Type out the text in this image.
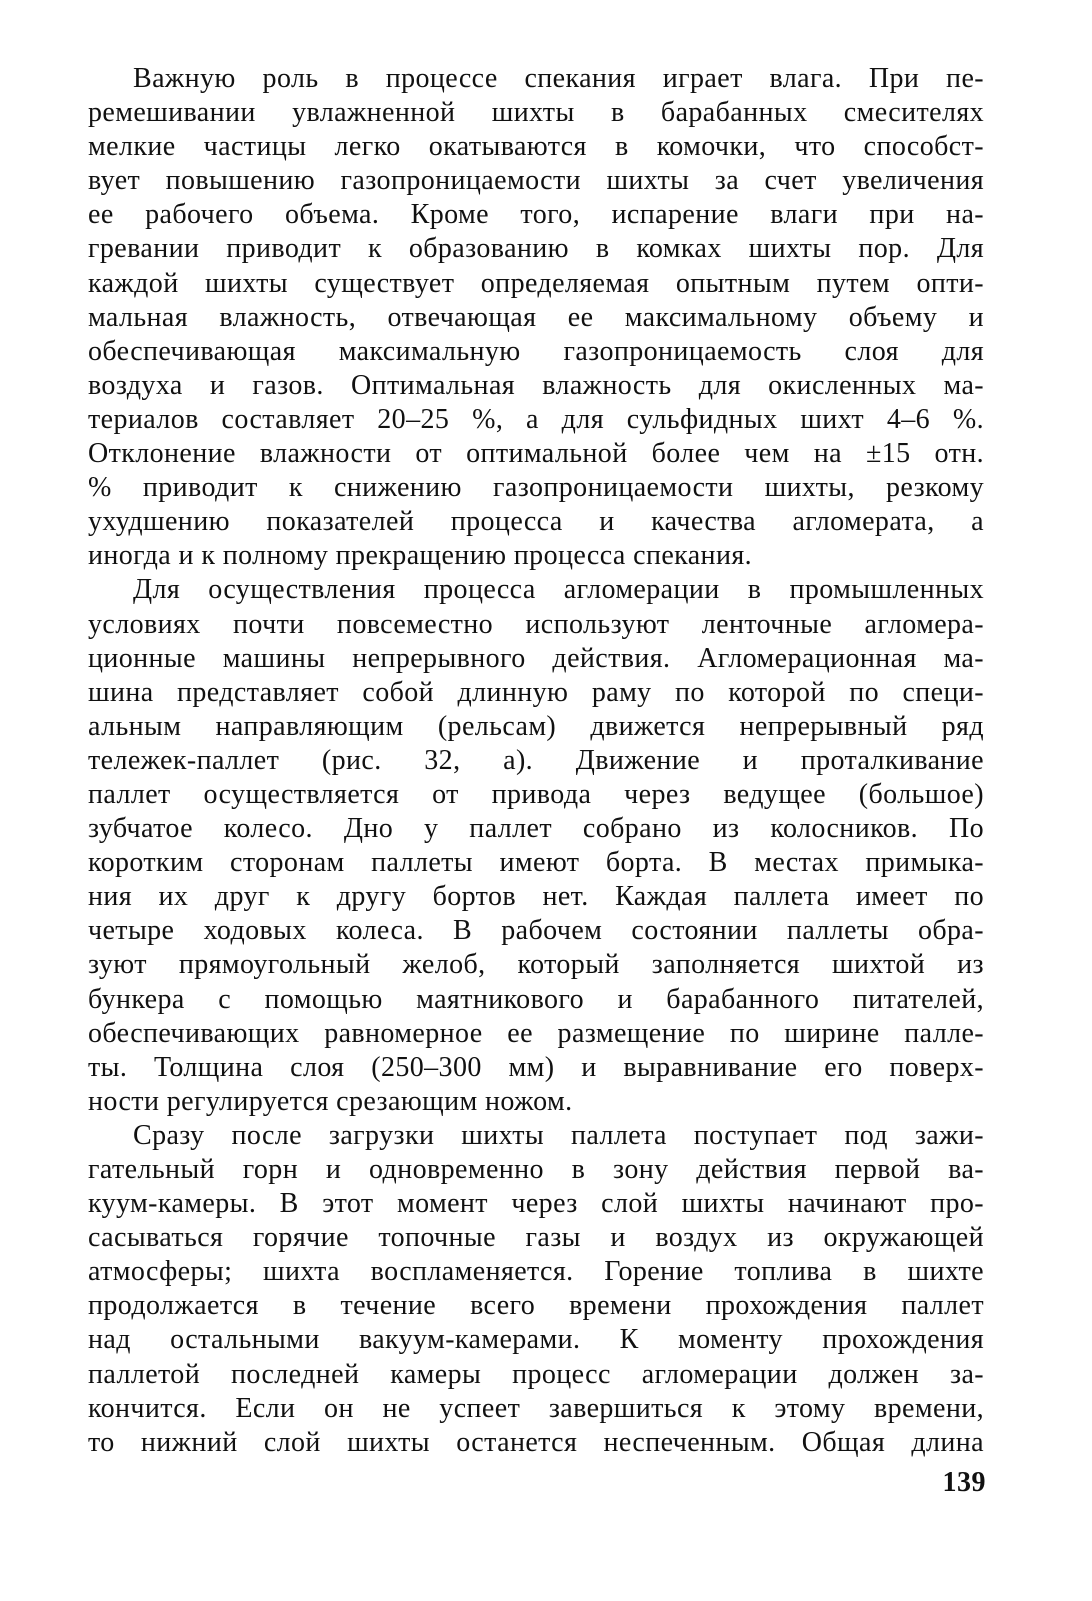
Важную роль в процессе спекания играет влага. При пе-
ремешивании увлажненной шихты в барабанных смесителях
мелкие частицы легко окатываются в комочки, что способст-
вует повышению газопроницаемости шихты за счет увеличения
ее рабочего объема. Кроме того, испарение влаги при на-
гревании приводит к образованию в комках шихты пор. Для
каждой шихты существует определяемая опытным путем опти-
мальная влажность, отвечающая ее максимальному объему и
обеспечивающая максимальную газопроницаемость слоя для
воздуха и газов. Оптимальная влажность для окисленных ма-
териалов составляет 20–25 %, а для сульфидных шихт 4–6 %.
Отклонение влажности от оптимальной более чем на ±15 отн.
% приводит к снижению газопроницаемости шихты, резкому
ухудшению показателей процесса и качества агломерата, а
иногда и к полному прекращению процесса спекания.
Для осуществления процесса агломерации в промышленных
условиях почти повсеместно используют ленточные агломера-
ционные машины непрерывного действия. Агломерационная ма-
шина представляет собой длинную раму по которой по специ-
альным направляющим (рельсам) движется непрерывный ряд
тележек-паллет (рис. 32, а). Движение и проталкивание
паллет осуществляется от привода через ведущее (большое)
зубчатое колесо. Дно у паллет собрано из колосников. По
коротким сторонам паллеты имеют борта. В местах примыка-
ния их друг к другу бортов нет. Каждая паллета имеет по
четыре ходовых колеса. В рабочем состоянии паллеты обра-
зуют прямоугольный желоб, который заполняется шихтой из
бункера с помощью маятникового и барабанного питателей,
обеспечивающих равномерное ее размещение по ширине палле-
ты. Толщина слоя (250–300 мм) и выравнивание его поверх-
ности регулируется срезающим ножом.
Сразу после загрузки шихты паллета поступает под зажи-
гательный горн и одновременно в зону действия первой ва-
куум-камеры. В этот момент через слой шихты начинают про-
сасываться горячие топочные газы и воздух из окружающей
атмосферы; шихта воспламеняется. Горение топлива в шихте
продолжается в течение всего времени прохождения паллет
над остальными вакуум-камерами. К моменту прохождения
паллетой последней камеры процесс агломерации должен за-
кончится. Если он не успеет завершиться к этому времени,
то нижний слой шихты останется неспеченным. Общая длина
139
